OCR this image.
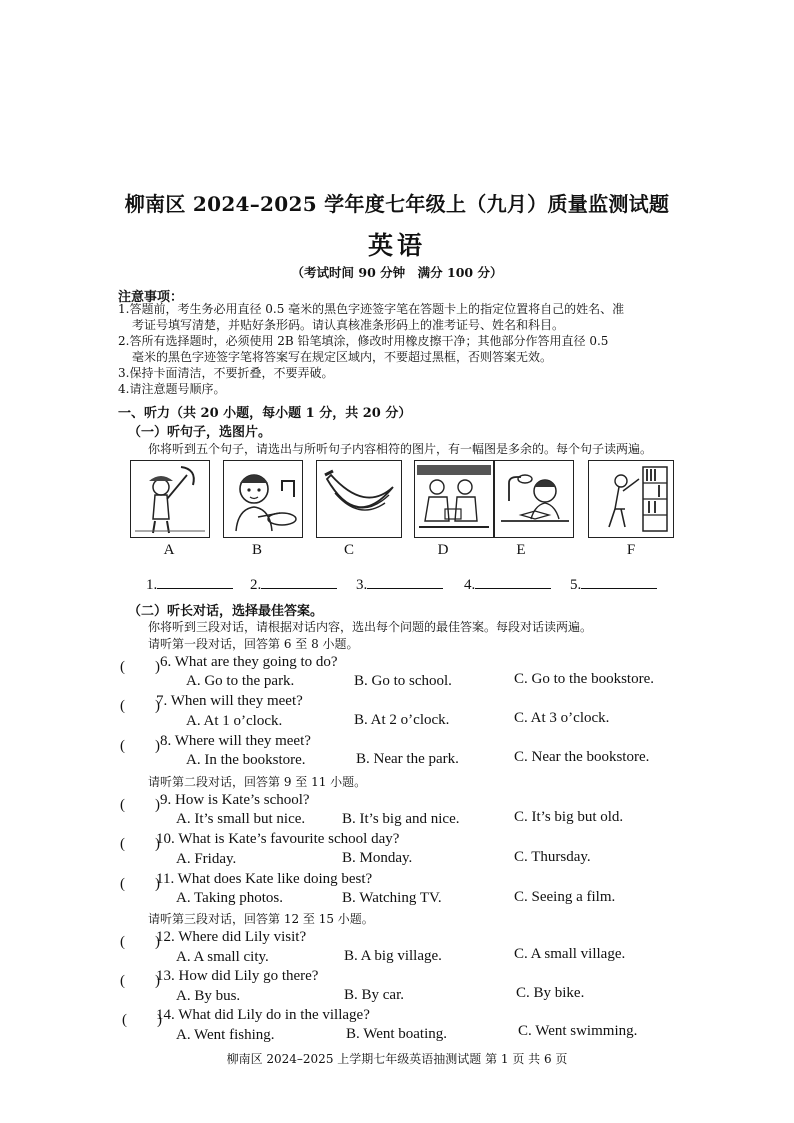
柳南区 2024–2025 学年度七年级上（九月）质量监测试题
英语
（考试时间 90 分钟　满分 100 分）
注意事项：
1.答题前，考生务必用直径 0.5 毫米的黑色字迹签字笔在答题卡上的指定位置将自己的姓名、准
考证号填写清楚，并贴好条形码。请认真核准条形码上的准考证号、姓名和科目。
2.答所有选择题时，必须使用 2B 铅笔填涂，修改时用橡皮擦干净；其他部分作答用直径 0.5
毫米的黑色字迹签字笔将答案写在规定区域内，不要超过黑框，否则答案无效。
3.保持卡面清洁，不要折叠，不要弄破。
4.请注意题号顺序。
一、听力（共 20 小题，每小题 1 分，共 20 分）
（一）听句子，选图片。
你将听到五个句子，请选出与所听句子内容相符的图片，有一幅图是多余的。每个句子读两遍。
A	B	C	D	E	F
1.	2.	3.	4.	5.
（二）听长对话，选择最佳答案。
你将听到三段对话，请根据对话内容，选出每个问题的最佳答案。每段对话读两遍。
请听第一段对话，回答第 6 至 8 小题。
(　　) 6. What are they going to do?
A. Go to the park.	B. Go to school.	C. Go to the bookstore.
(　　)
7. When will they meet?
A. At 1 o’clock.	B. At 2 o’clock.	C. At 3 o’clock.
(　　) 8. Where will they meet?
A. In the bookstore.	B. Near the park.	C. Near the bookstore.
请听第二段对话，回答第 9 至 11 小题。
(　　) 9. How is Kate’s school?
A. It’s small but nice. B. It’s big and nice.	C. It’s big but old.
(　　)
10. What is Kate’s favourite school day?
A. Friday.	B. Monday.	C. Thursday.
(　　)
11. What does Kate like doing best?
A. Taking photos.	B. Watching TV.	C. Seeing a film.
请听第三段对话，回答第 12 至 15 小题。
(　　)
12. Where did Lily visit?
A. A small city.	B. A big village.	C. A small village.
(　　)
13. How did Lily go there?
A. By bus.	B. By car.	C. By bike.
(　　)
14. What did Lily do in the village?
A. Went fishing.	B. Went boating.	C. Went swimming.
柳南区 2024–2025 上学期七年级英语抽测试题 第 1 页 共 6 页
